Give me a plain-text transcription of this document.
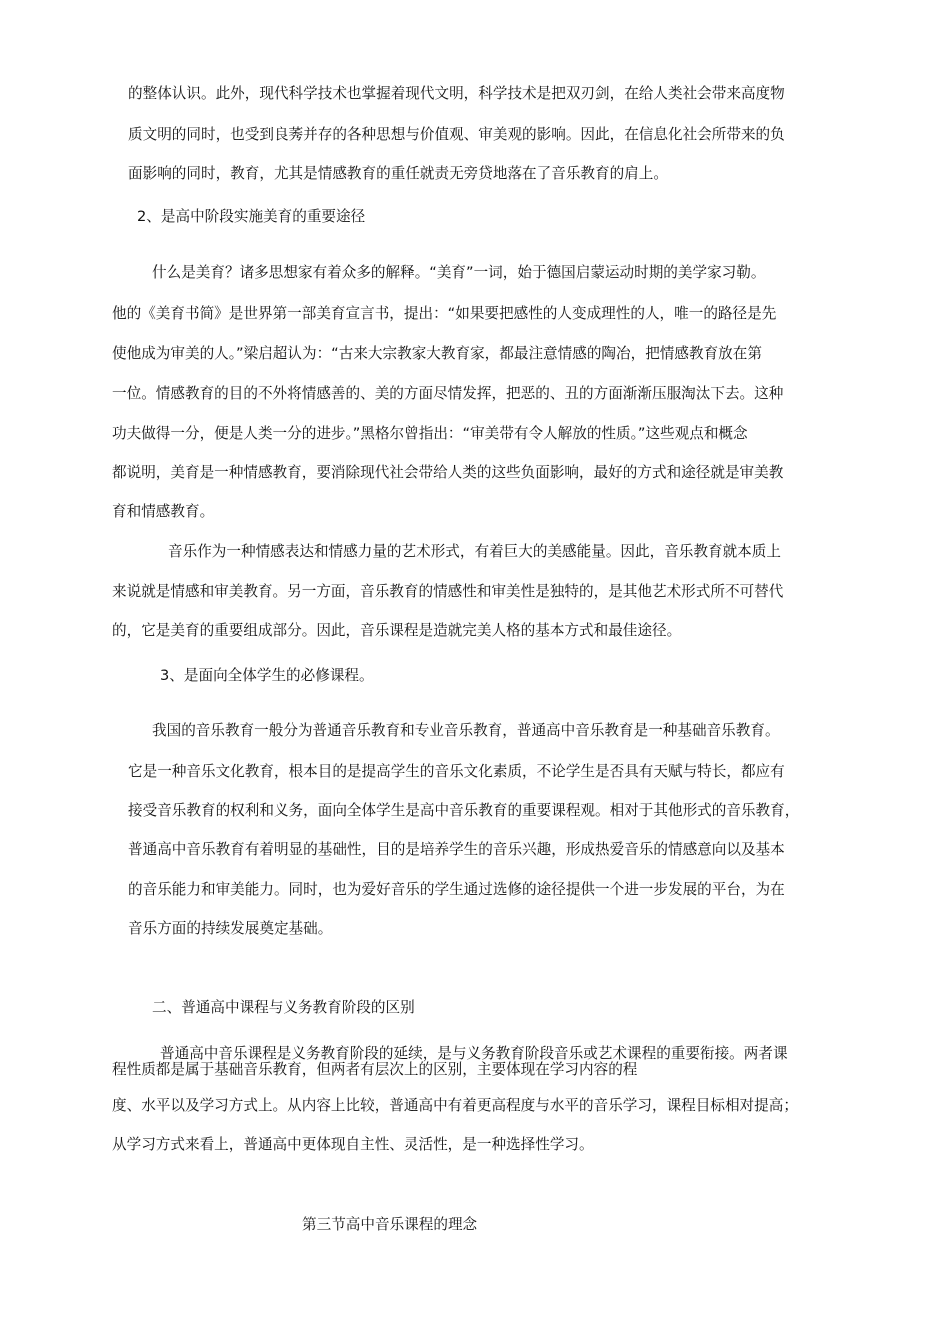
的整体认识。此外，现代科学技术也掌握着现代文明，科学技术是把双刃剑，在给人类社会带来高度物

质文明的同时，也受到良莠并存的各种思想与价值观、审美观的影响。因此，在信息化社会所带来的负

面影响的同时，教育，尤其是情感教育的重任就责无旁贷地落在了音乐教育的肩上。

2、是高中阶段实施美育的重要途径

什么是美育？诸多思想家有着众多的解释。“美育”一词，始于德国启蒙运动时期的美学家习勒。

他的《美育书简》是世界第一部美育宣言书，提出：“如果要把感性的人变成理性的人，唯一的路径是先

使他成为审美的人。”梁启超认为：“古来大宗教家大教育家，都最注意情感的陶冶，把情感教育放在第

一位。情感教育的目的不外将情感善的、美的方面尽情发挥，把恶的、丑的方面渐渐压服淘汰下去。这种

功夫做得一分，便是人类一分的进步。”黑格尔曾指出：“审美带有令人解放的性质。”这些观点和概念

都说明，美育是一种情感教育，要消除现代社会带给人类的这些负面影响，最好的方式和途径就是审美教

育和情感教育。

音乐作为一种情感表达和情感力量的艺术形式，有着巨大的美感能量。因此，音乐教育就本质上

来说就是情感和审美教育。另一方面，音乐教育的情感性和审美性是独特的，是其他艺术形式所不可替代

的，它是美育的重要组成部分。因此，音乐课程是造就完美人格的基本方式和最佳途径。

3、是面向全体学生的必修课程。

我国的音乐教育一般分为普通音乐教育和专业音乐教育，普通高中音乐教育是一种基础音乐教育。

它是一种音乐文化教育，根本目的是提高学生的音乐文化素质，不论学生是否具有天赋与特长，都应有

接受音乐教育的权利和义务，面向全体学生是高中音乐教育的重要课程观。相对于其他形式的音乐教育，

普通高中音乐教育有着明显的基础性，目的是培养学生的音乐兴趣，形成热爱音乐的情感意向以及基本

的音乐能力和审美能力。同时，也为爱好音乐的学生通过选修的途径提供一个进一步发展的平台，为在

音乐方面的持续发展奠定基础。

二、普通高中课程与义务教育阶段的区别

普通高中音乐课程是义务教育阶段的延续，是与义务教育阶段音乐或艺术课程的重要衔接。两者课

程性质都是属于基础音乐教育，但两者有层次上的区别，主要体现在学习内容的程

度、水平以及学习方式上。从内容上比较，普通高中有着更高程度与水平的音乐学习，课程目标相对提高；

从学习方式来看上，普通高中更体现自主性、灵活性，是一种选择性学习。

第三节高中音乐课程的理念
